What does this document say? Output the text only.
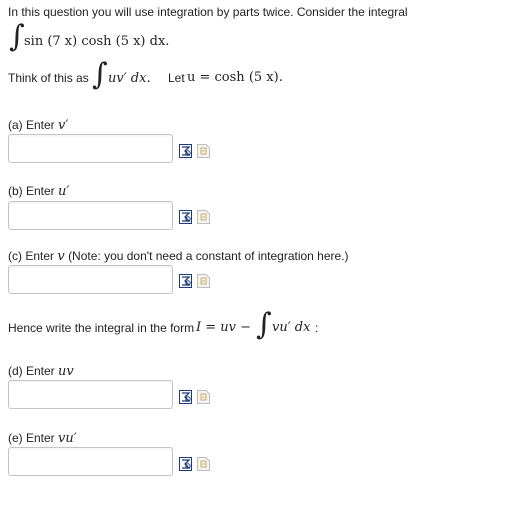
In this question you will use integration by parts twice. Consider the integral
∫ sin (7 x) cosh (5 x) dx.
Think of this as ∫ uv′ dx. Let u = cosh (5 x).
(a) Enter v′
(b) Enter u′
(c) Enter v (Note: you don't need a constant of integration here.)
Hence write the integral in the form I = uv − ∫ vu′ dx :
(d) Enter uv
(e) Enter vu′
